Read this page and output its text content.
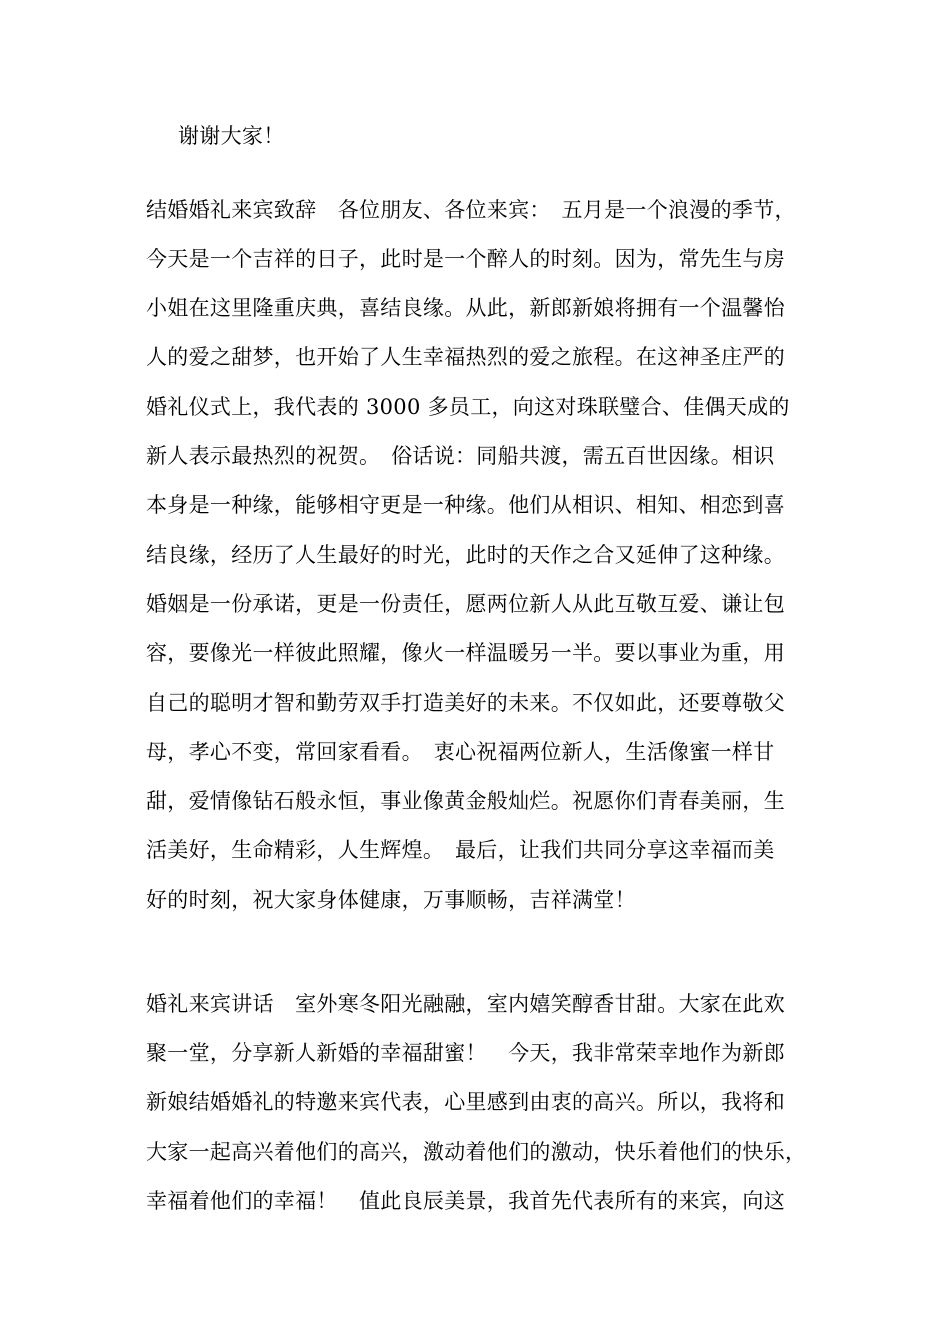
谢谢大家！
结婚婚礼来宾致辞　各位朋友、各位来宾：　五月是一个浪漫的季节，
今天是一个吉祥的日子，此时是一个醉人的时刻。因为，常先生与房
小姐在这里隆重庆典，喜结良缘。从此，新郎新娘将拥有一个温馨怡
人的爱之甜梦，也开始了人生幸福热烈的爱之旅程。在这神圣庄严的
婚礼仪式上，我代表的 3000 多员工，向这对珠联璧合、佳偶天成的
新人表示最热烈的祝贺。　俗话说：同船共渡，需五百世因缘。相识
本身是一种缘，能够相守更是一种缘。他们从相识、相知、相恋到喜
结良缘，经历了人生最好的时光，此时的天作之合又延伸了这种缘。
婚姻是一份承诺，更是一份责任，愿两位新人从此互敬互爱、谦让包
容，要像光一样彼此照耀，像火一样温暖另一半。要以事业为重，用
自己的聪明才智和勤劳双手打造美好的未来。不仅如此，还要尊敬父
母，孝心不变，常回家看看。　衷心祝福两位新人，生活像蜜一样甘
甜，爱情像钻石般永恒，事业像黄金般灿烂。祝愿你们青春美丽，生
活美好，生命精彩，人生辉煌。　最后，让我们共同分享这幸福而美
好的时刻，祝大家身体健康，万事顺畅，吉祥满堂！
婚礼来宾讲话　室外寒冬阳光融融，室内嬉笑醇香甘甜。大家在此欢
聚一堂，分享新人新婚的幸福甜蜜！　今天，我非常荣幸地作为新郎
新娘结婚婚礼的特邀来宾代表，心里感到由衷的高兴。所以，我将和
大家一起高兴着他们的高兴，激动着他们的激动，快乐着他们的快乐，
幸福着他们的幸福！　值此良辰美景，我首先代表所有的来宾，向这
